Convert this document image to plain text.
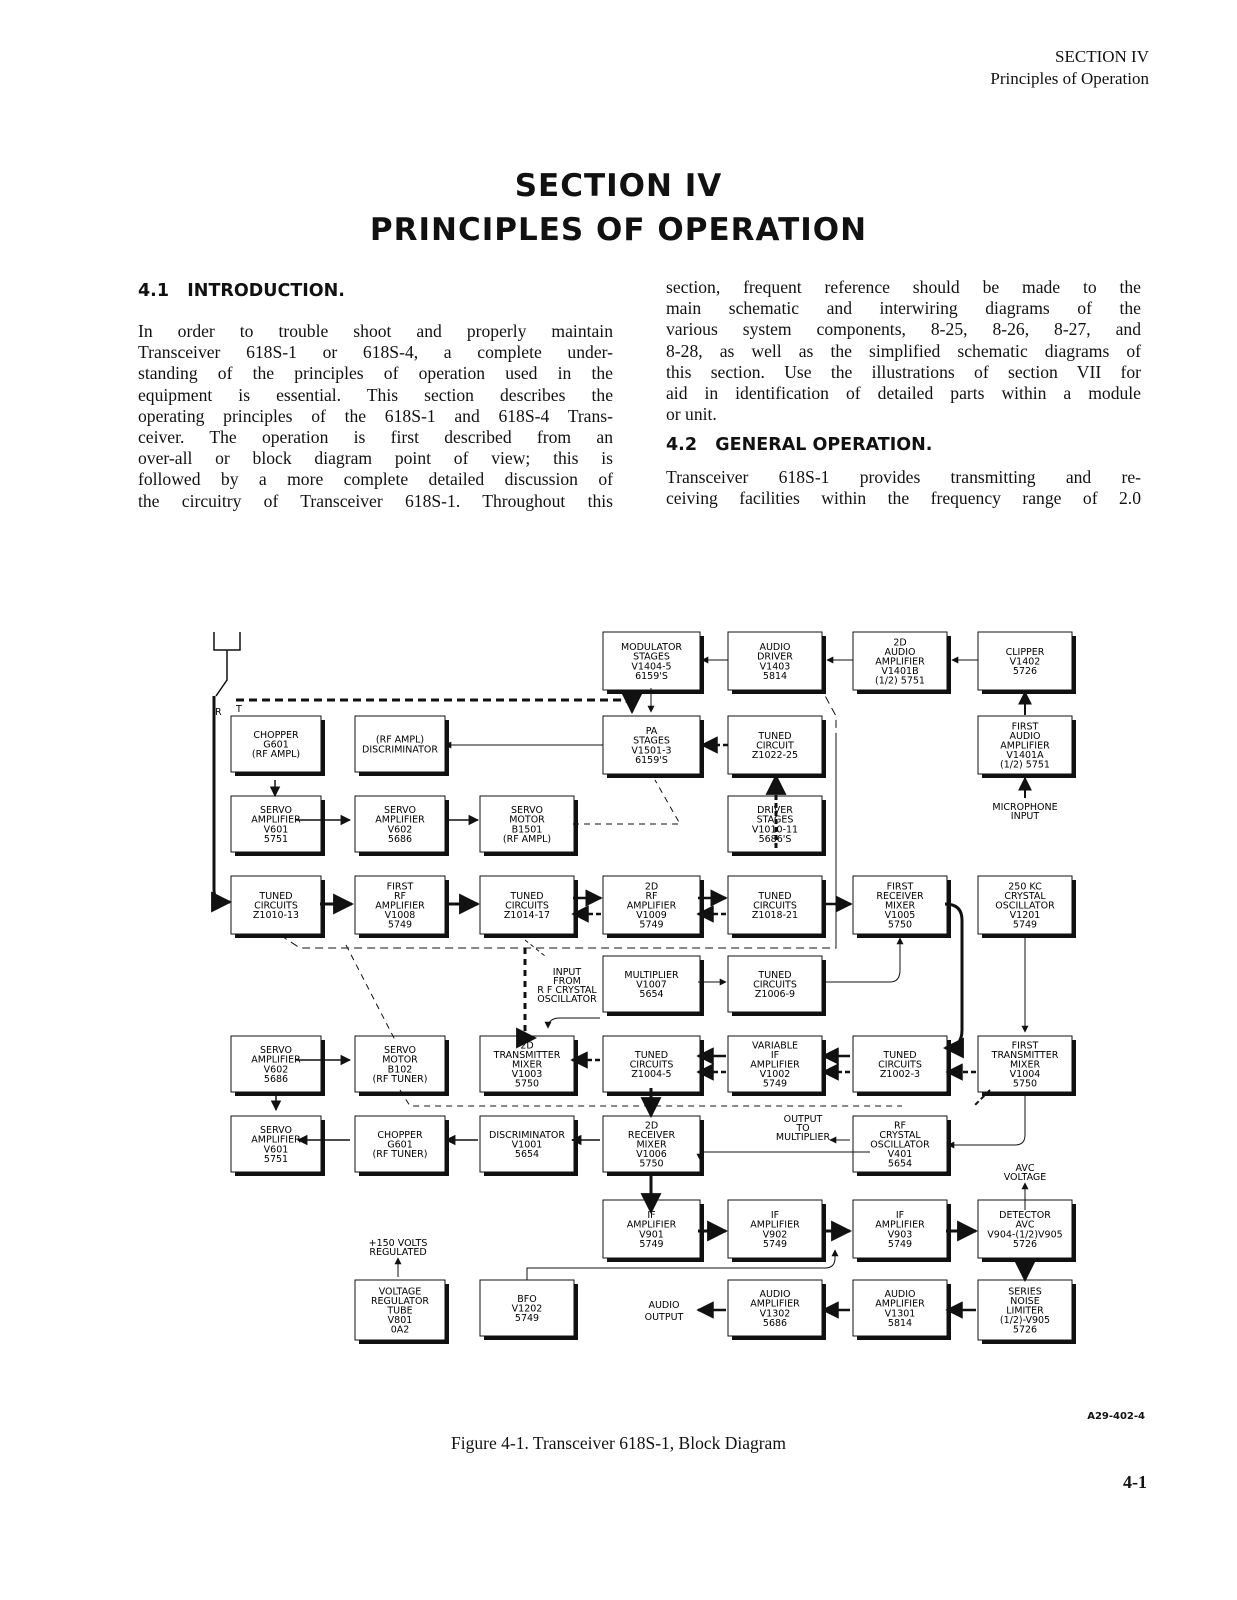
SECTION IV
Principles of Operation
SECTION IV
PRINCIPLES OF OPERATION
4.1 INTRODUCTION.

In order to trouble shoot and properly maintain

Transceiver 618S-1 or 618S-4, a complete under-

standing of the principles of operation used in the

equipment is essential. This section describes the

operating principles of the 618S-1 and 618S-4 Trans-

ceiver. The operation is first described from an

over-all or block diagram point of view; this is

followed by a more complete detailed discussion of

the circuitry of Transceiver 618S-1. Throughout this

section, frequent reference should be made to the

main schematic and interwiring diagrams of the

various system components, 8-25, 8-26, 8-27, and

8-28, as well as the simplified schematic diagrams of

this section. Use the illustrations of section VII for

aid in identification of detailed parts within a module

or unit.

4.2 GENERAL OPERATION.

Transceiver 618S-1 provides transmitting and re-

ceiving facilities within the frequency range of 2.0

MODULATOR
STAGES
V1404-5
6159'S
AUDIO
DRIVER
V1403
5814
2D
AUDIO
AMPLIFIER
V1401B
(1/2) 5751
CLIPPER
V1402
5726
CHOPPER
G601
(RF AMPL)
(RF AMPL)
DISCRIMINATOR
PA
STAGES
V1501-3
6159'S
TUNED
CIRCUIT
Z1022-25
FIRST
AUDIO
AMPLIFIER
V1401A
(1/2) 5751
SERVO
AMPLIFIER
V601
5751
SERVO
AMPLIFIER
V602
5686
SERVO
MOTOR
B1501
(RF AMPL)
DRIVER
STAGES
V1010-11
5686'S
TUNED
CIRCUITS
Z1010-13
FIRST
RF
AMPLIFIER
V1008
5749
TUNED
CIRCUITS
Z1014-17
2D
RF
AMPLIFIER
V1009
5749
TUNED
CIRCUITS
Z1018-21
FIRST
RECEIVER
MIXER
V1005
5750
250 KC
CRYSTAL
OSCILLATOR
V1201
5749
MULTIPLIER
V1007
5654
TUNED
CIRCUITS
Z1006-9
SERVO
AMPLIFIER
V602
5686
SERVO
MOTOR
B102
(RF TUNER)
2D
TRANSMITTER
MIXER
V1003
5750
TUNED
CIRCUITS
Z1004-5
VARIABLE
IF
AMPLIFIER
V1002
5749
TUNED
CIRCUITS
Z1002-3
FIRST
TRANSMITTER
MIXER
V1004
5750
SERVO
AMPLIFIER
V601
5751
CHOPPER
G601
(RF TUNER)
DISCRIMINATOR
V1001
5654
2D
RECEIVER
MIXER
V1006
5750
RF
CRYSTAL
OSCILLATOR
V401
5654
IF
AMPLIFIER
V901
5749
IF
AMPLIFIER
V902
5749
IF
AMPLIFIER
V903
5749
DETECTOR
AVC
V904-(1/2)V905
5726
VOLTAGE
REGULATOR
TUBE
V801
0A2
BFO
V1202
5749
AUDIO
AMPLIFIER
V1302
5686
AUDIO
AMPLIFIER
V1301
5814
SERIES
NOISE
LIMITER
(1/2)-V905
5726
R T
MICROPHONE
INPUT
INPUT
FROM
R F CRYSTAL
OSCILLATOR
OUTPUT
TO
MULTIPLIER
AVC
VOLTAGE
+150 VOLTS
REGULATED
AUDIO
OUTPUT
A29-402-4
Figure 4-1. Transceiver 618S-1, Block Diagram
4-1
